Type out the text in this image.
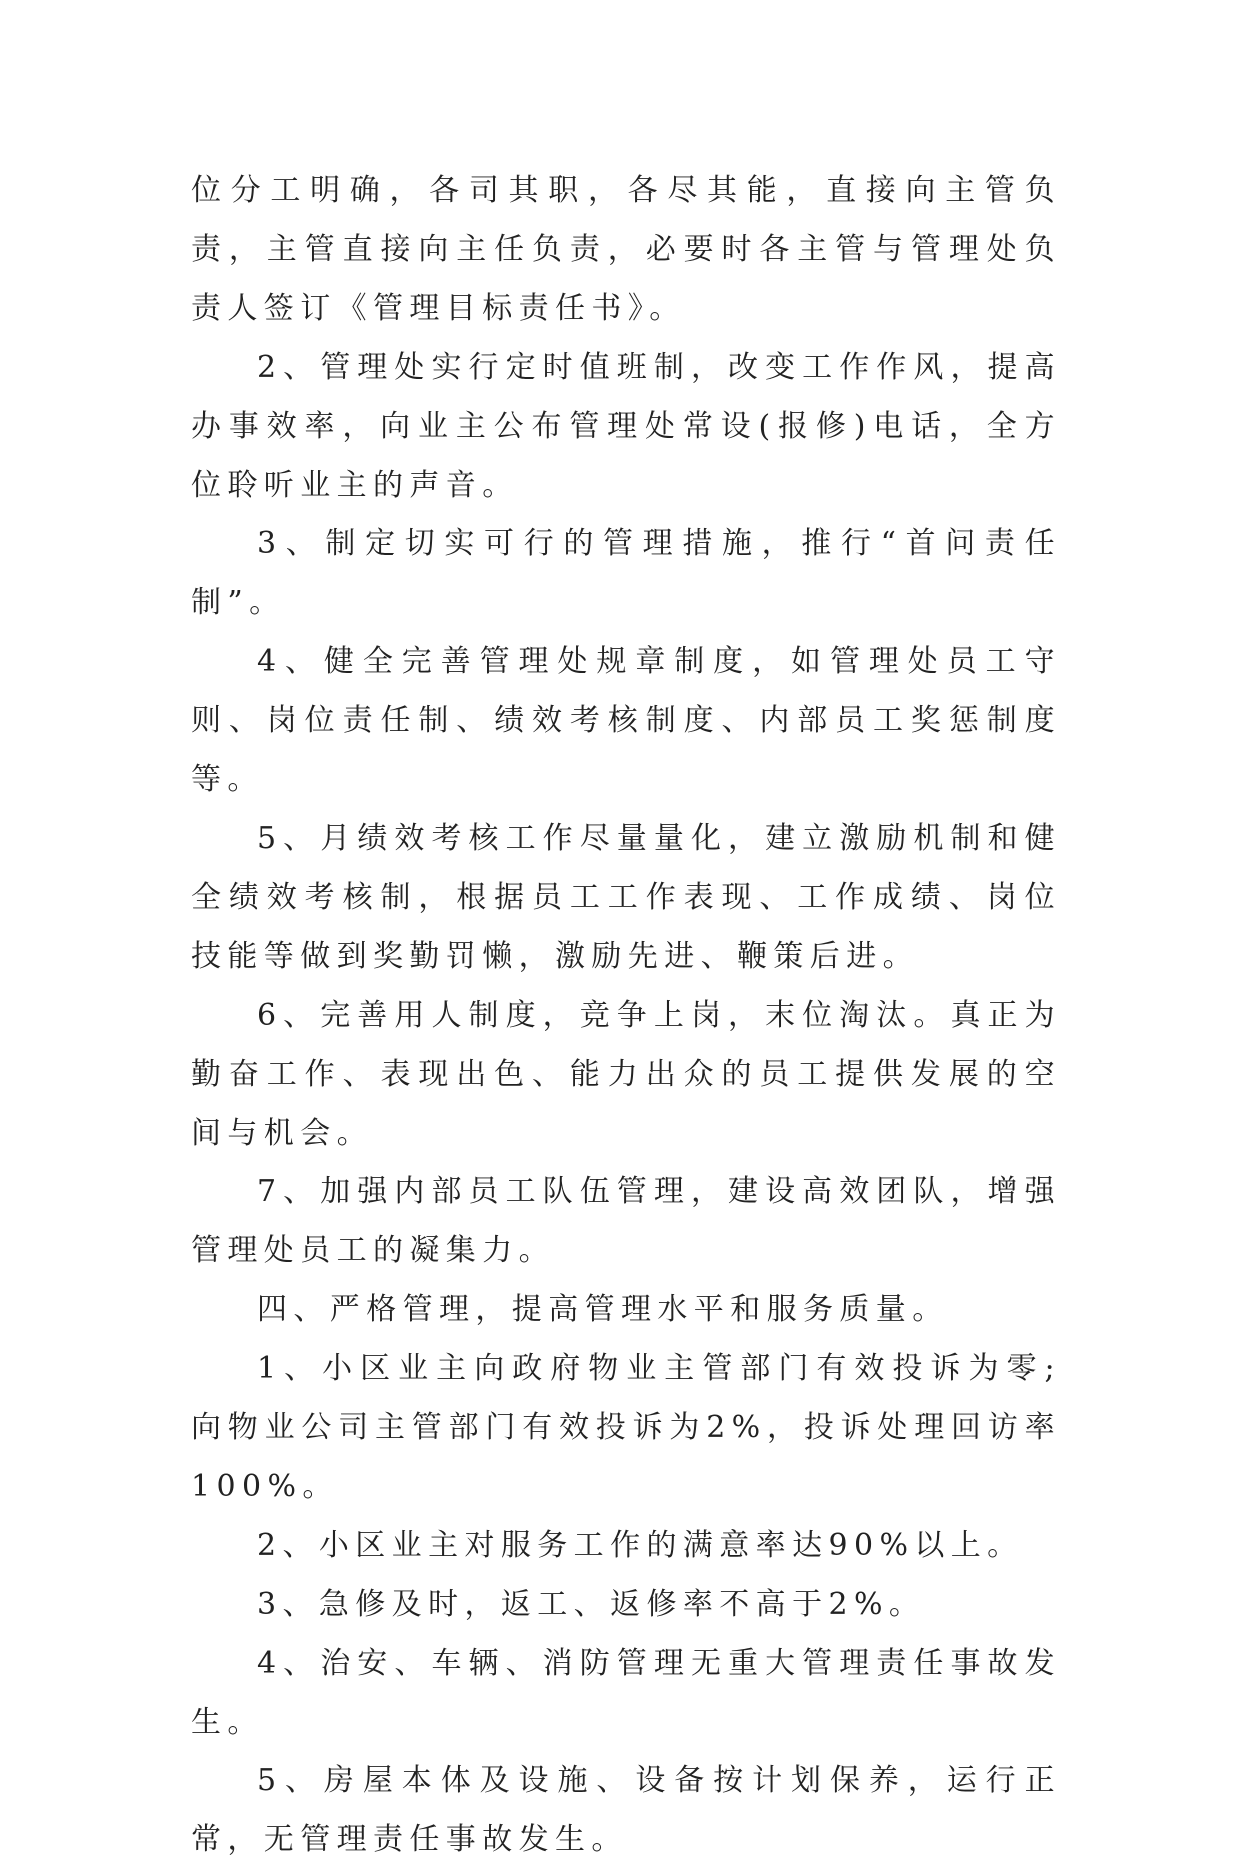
位分工明确，各司其职，各尽其能，直接向主管负责，主管直接向主任负责，必要时各主管与管理处负责人签订《管理目标责任书》。

2、管理处实行定时值班制，改变工作作风，提高办事效率，向业主公布管理处常设(报修)电话，全方位聆听业主的声音。

3、制定切实可行的管理措施，推行“首问责任制”。

4、健全完善管理处规章制度，如管理处员工守则、岗位责任制、绩效考核制度、内部员工奖惩制度等。

5、月绩效考核工作尽量量化，建立激励机制和健全绩效考核制，根据员工工作表现、工作成绩、岗位技能等做到奖勤罚懒，激励先进、鞭策后进。

6、完善用人制度，竞争上岗，末位淘汰。真正为勤奋工作、表现出色、能力出众的员工提供发展的空间与机会。

7、加强内部员工队伍管理，建设高效团队，增强管理处员工的凝集力。

四、严格管理，提高管理水平和服务质量。

1、小区业主向政府物业主管部门有效投诉为零;向物业公司主管部门有效投诉为2%，投诉处理回访率100%。

2、小区业主对服务工作的满意率达90%以上。

3、急修及时，返工、返修率不高于2%。

4、治安、车辆、消防管理无重大管理责任事故发生。

5、房屋本体及设施、设备按计划保养，运行正常，无管理责任事故发生。
